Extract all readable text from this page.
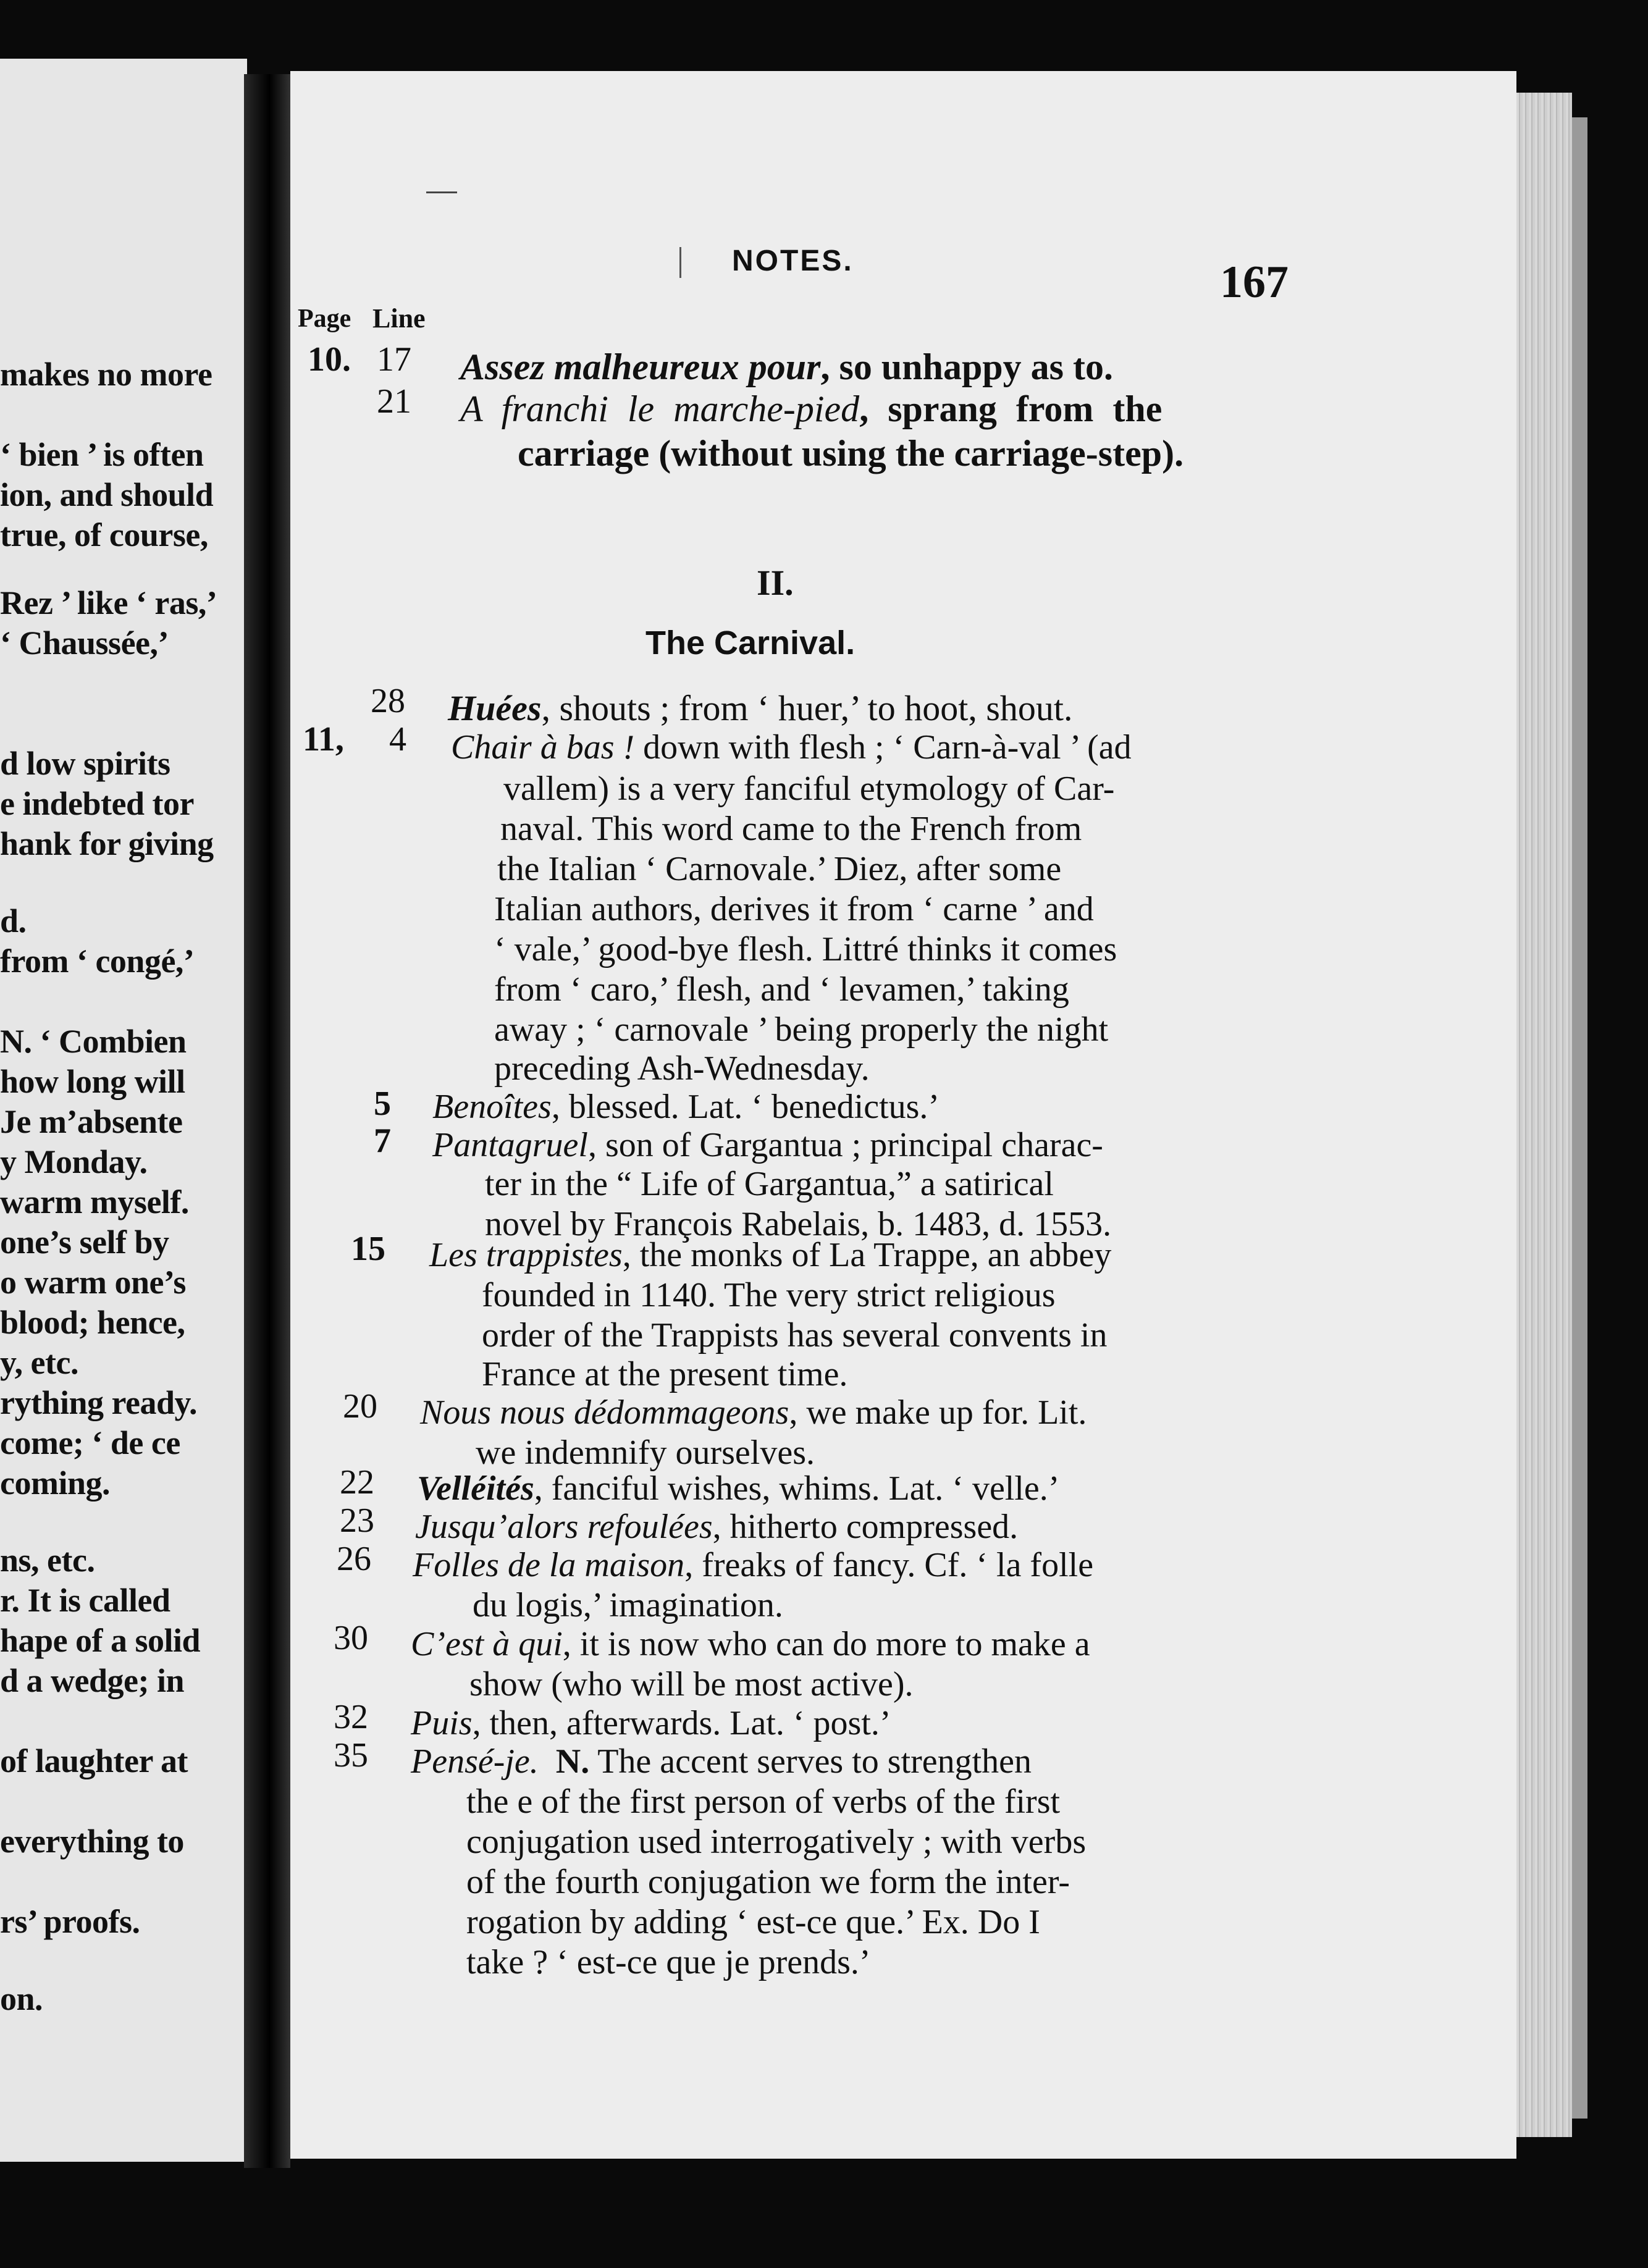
makes no more
‘ bien ’ is often
ion, and should
true, of course,
Rez ’ like ‘ ras,’
‘ Chaussée,’
d low spirits
e indebted tor
hank for giving
d.
from ‘ congé,’
N. ‘ Combien
how long will
Je m’absente
y Monday.
warm myself.
one’s self by
o warm one’s
blood; hence,
y, etc.
rything ready.
come; ‘ de ce
coming.
ns, etc.
r. It is called
hape of a solid
d a wedge; in
of laughter at
everything to
rs’ proofs.
on.
NOTES.	167
Page Line
10. 17 Assez malheureux pour, so unhappy as to.
21 A franchi le marche-pied, sprang from the
carriage (without using the carriage-step).
II.
The Carnival.
28 Huées, shouts ; from ‘ huer,’ to hoot, shout.
11, 4 Chair à bas ! down with flesh ; ‘ Carn-à-val ’ (ad
vallem) is a very fanciful etymology of Car-
naval. This word came to the French from
the Italian ‘ Carnovale.’ Diez, after some
Italian authors, derives it from ‘ carne ’ and
‘ vale,’ good-bye flesh. Littré thinks it comes
from ‘ caro,’ flesh, and ‘ levamen,’ taking
away ; ‘ carnovale ’ being properly the night
preceding Ash-Wednesday.
5 Benoîtes, blessed. Lat. ‘ benedictus.’
7 Pantagruel, son of Gargantua ; principal charac-
ter in the “ Life of Gargantua,” a satirical
novel by François Rabelais, b. 1483, d. 1553.
15 Les trappistes, the monks of La Trappe, an abbey
founded in 1140. The very strict religious
order of the Trappists has several convents in
France at the present time.
20 Nous nous dédommageons, we make up for. Lit.
we indemnify ourselves.
22 Velléités, fanciful wishes, whims. Lat. ‘ velle.’
23 Jusqu’alors refoulées, hitherto compressed.
26 Folles de la maison, freaks of fancy. Cf. ‘ la folle
du logis,’ imagination.
30 C’est à qui, it is now who can do more to make a
show (who will be most active).
32 Puis, then, afterwards. Lat. ‘ post.’
35 Pensé-je. N. The accent serves to strengthen
the e of the first person of verbs of the first
conjugation used interrogatively ; with verbs
of the fourth conjugation we form the inter-
rogation by adding ‘ est-ce que.’ Ex. Do I
take ? ‘ est-ce que je prends.’
